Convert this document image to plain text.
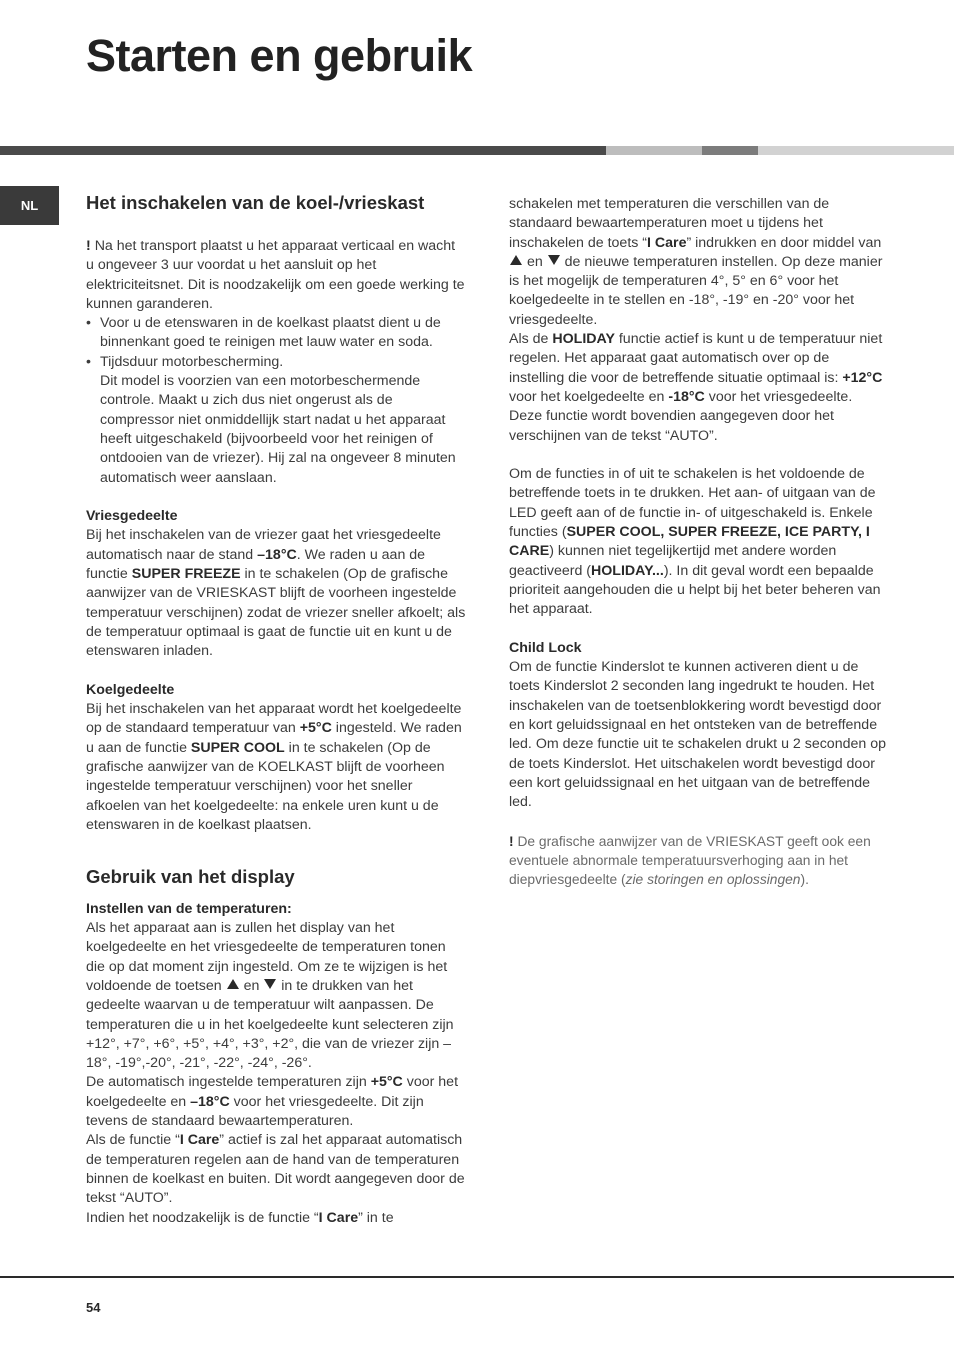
Starten en gebruik
NL	Het inschakelen van de koel-/vrieskast

! Na het transport plaatst u het apparaat verticaal en wacht u ongeveer 3 uur voordat u het aansluit op het elektriciteitsnet. Dit is noodzakelijk om een goede werking te kunnen garanderen.

• Voor u de etenswaren in de koelkast plaatst dient u de binnenkant goed te reinigen met lauw water en soda.
• Tijdsduur motorbescherming.

Dit model is voorzien van een motorbeschermende controle. Maakt u zich dus niet ongerust als de compressor niet onmiddellijk start nadat u het apparaat heeft uitgeschakeld (bijvoorbeeld voor het reinigen of ontdooien van de vriezer). Hij zal na ongeveer 8 minuten automatisch weer aanslaan.

Vriesgedeelte

Bij het inschakelen van de vriezer gaat het vriesgedeelte automatisch naar de stand –18°C. We raden u aan de functie SUPER FREEZE in te schakelen (Op de grafische aanwijzer van de VRIESKAST blijft de voorheen ingestelde temperatuur verschijnen) zodat de vriezer sneller afkoelt; als de temperatuur optimaal is gaat de functie uit en kunt u de etenswaren inladen.

Koelgedeelte

Bij het inschakelen van het apparaat wordt het koelgedeelte op de standaard temperatuur van +5°C ingesteld. We raden u aan de functie SUPER COOL in te schakelen (Op de grafische aanwijzer van de KOELKAST blijft de voorheen ingestelde temperatuur verschijnen) voor het sneller afkoelen van het koelgedeelte: na enkele uren kunt u de etenswaren in de koelkast plaatsen.

Gebruik van het display

Instellen van de temperaturen:

Als het apparaat aan is zullen het display van het koelgedeelte en het vriesgedeelte de temperaturen tonen die op dat moment zijn ingesteld. Om ze te wijzigen is het voldoende de toetsen  en  in te drukken van het gedeelte waarvan u de temperatuur wilt aanpassen. De temperaturen die u in het koelgedeelte kunt selecteren zijn +12°, +7°, +6°, +5°, +4°, +3°, +2°, die van de vriezer zijn –18°, -19°,-20°, -21°, -22°, -24°, -26°.

De automatisch ingestelde temperaturen zijn +5°C voor het koelgedeelte en –18°C voor het vriesgedeelte. Dit zijn tevens de standaard bewaartemperaturen.

Als de functie “I Care” actief is zal het apparaat automatisch de temperaturen regelen aan de hand van de temperaturen binnen de koelkast en buiten. Dit wordt aangegeven door de tekst “AUTO”.

Indien het noodzakelijk is de functie “I Care” in te

schakelen met temperaturen die verschillen van de standaard bewaartemperaturen moet u tijdens het inschakelen de toets “I Care” indrukken en door middel van  en  de nieuwe temperaturen instellen. Op deze manier is het mogelijk de temperaturen 4°, 5° en 6° voor het koelgedeelte in te stellen en -18°, -19° en -20° voor het vriesgedeelte.

Als de HOLIDAY functie actief is kunt u de temperatuur niet regelen. Het apparaat gaat automatisch over op de instelling die voor de betreffende situatie optimaal is: +12°C voor het koelgedeelte en -18°C voor het vriesgedeelte. Deze functie wordt bovendien aangegeven door het verschijnen van de tekst “AUTO”.

Om de functies in of uit te schakelen is het voldoende de betreffende toets in te drukken. Het aan- of uitgaan van de LED geeft aan of de functie in- of uitgeschakeld is. Enkele functies (SUPER COOL, SUPER FREEZE, ICE PARTY, I CARE) kunnen niet tegelijkertijd met andere worden geactiveerd (HOLIDAY...). In dit geval wordt een bepaalde prioriteit aangehouden die u helpt bij het beter beheren van het apparaat.

Child Lock

Om de functie Kinderslot te kunnen activeren dient u de toets Kinderslot 2 seconden lang ingedrukt te houden. Het inschakelen van de toetsenblokkering wordt bevestigd door en kort geluidssignaal en het ontsteken van de betreffende led. Om deze functie uit te schakelen drukt u 2 seconden op de toets Kinderslot. Het uitschakelen wordt bevestigd door een kort geluidssignaal en het uitgaan van de betreffende led.

! De grafische aanwijzer van de VRIESKAST geeft ook een eventuele abnormale temperatuursverhoging aan in het diepvriesgedeelte (zie storingen en oplossingen).

54
